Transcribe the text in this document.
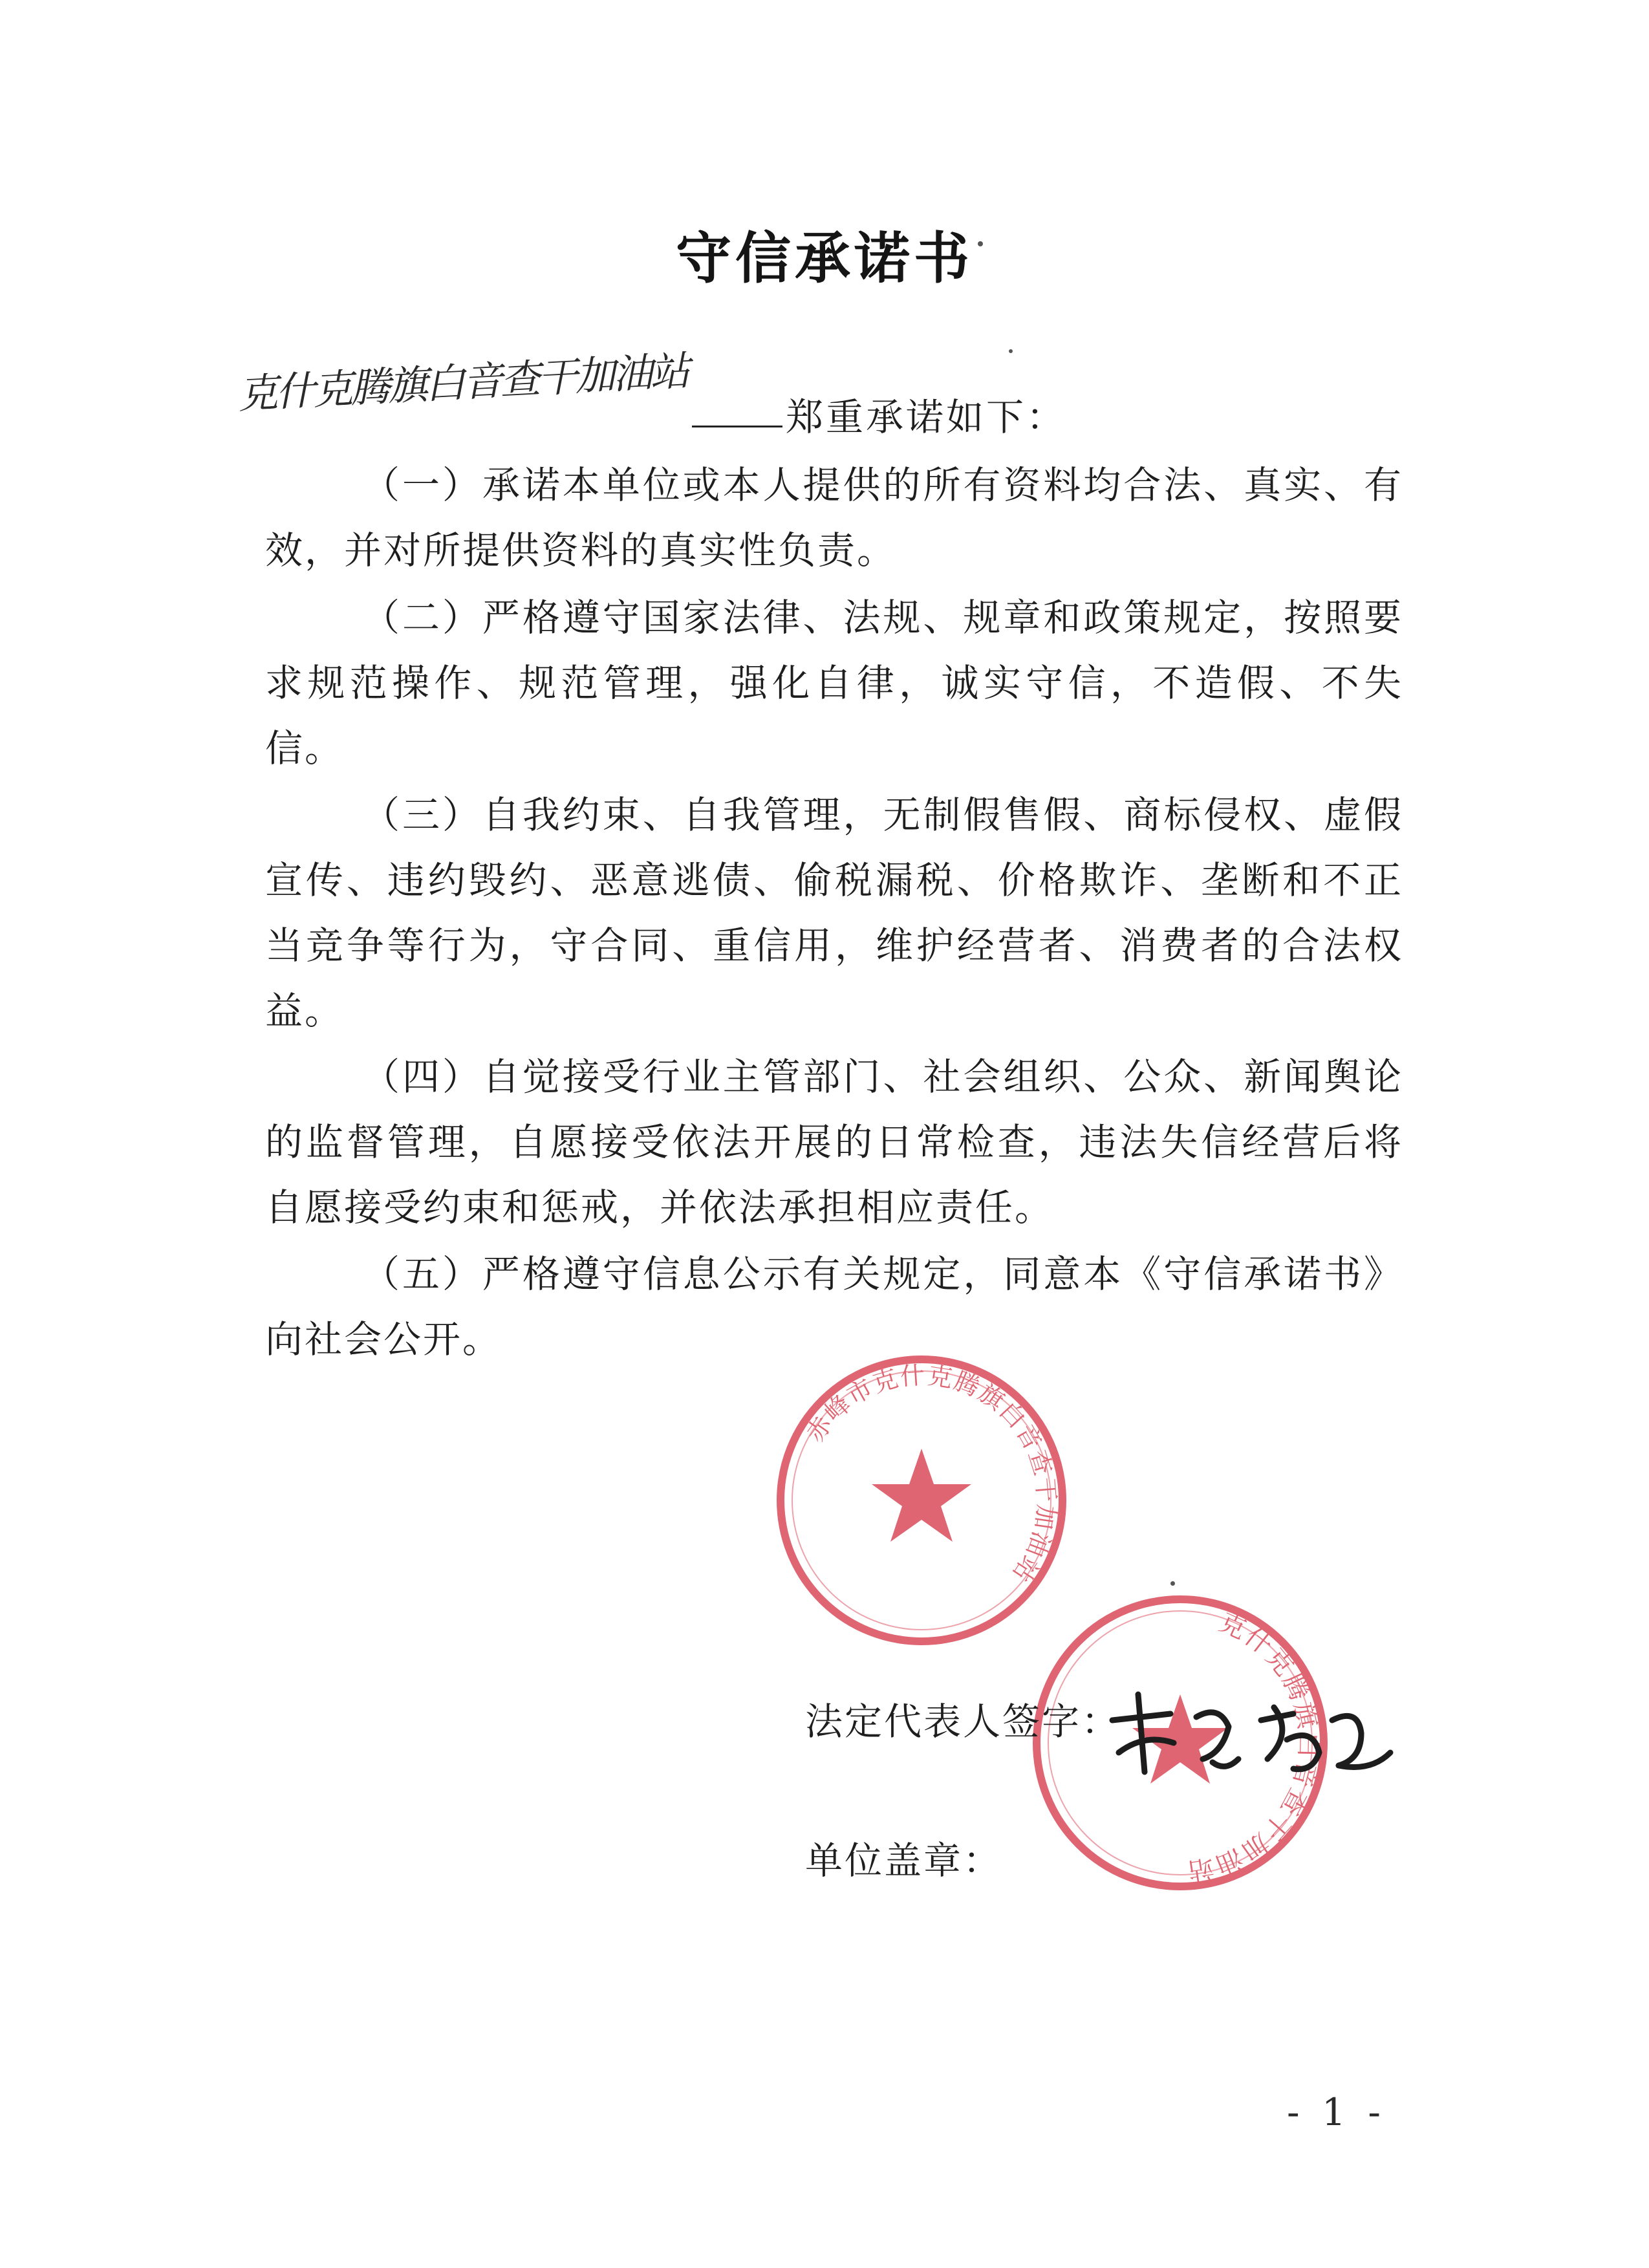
守信承诺书
克什克腾旗白音查干加油站	郑重承诺如下：

（一）承诺本单位或本人提供的所有资料均合法、真实、有效，并对所提供资料的真实性负责。

（二）严格遵守国家法律、法规、规章和政策规定，按照要求规范操作、规范管理，强化自律，诚实守信，不造假、不失信。

（三）自我约束、自我管理，无制假售假、商标侵权、虚假宣传、违约毁约、恶意逃债、偷税漏税、价格欺诈、垄断和不正当竞争等行为，守合同、重信用，维护经营者、消费者的合法权益。

（四）自觉接受行业主管部门、社会组织、公众、新闻舆论的监督管理，自愿接受依法开展的日常检查，违法失信经营后将自愿接受约束和惩戒，并依法承担相应责任。

（五）严格遵守信息公示有关规定，同意本《守信承诺书》向社会公开。

赤峰市克什克腾旗白音查干加油站
克什克腾旗白音查干加油站
法定代表人签字：
单位盖章：
- 1 -
